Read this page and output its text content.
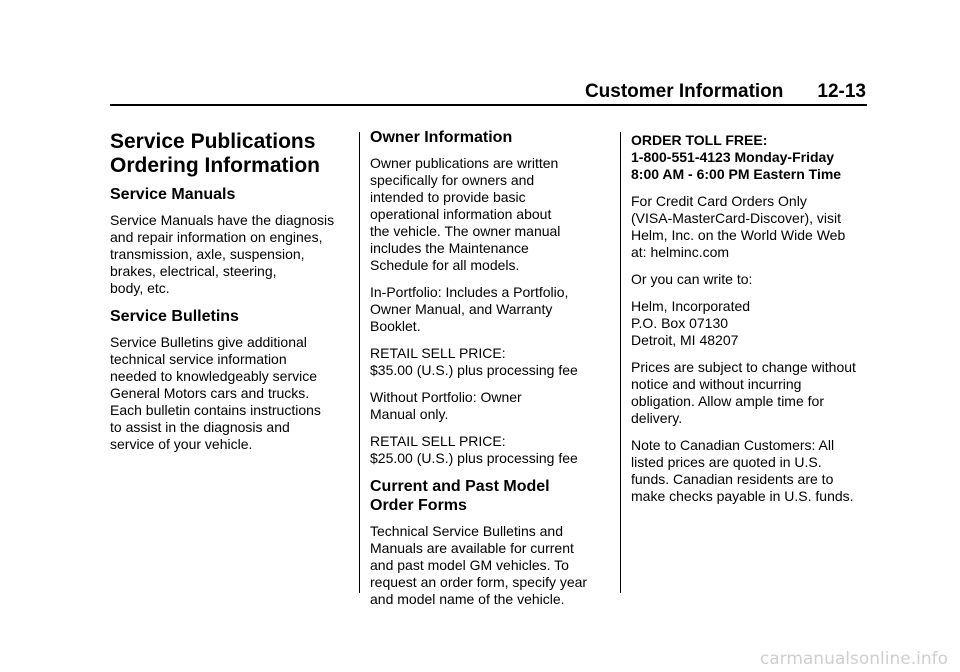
Customer Information 12-13
Service Publications
Ordering Information
Service Manuals

Service Manuals have the diagnosis
and repair information on engines,
transmission, axle, suspension,
brakes, electrical, steering,
body, etc.

Service Bulletins

Service Bulletins give additional
technical service information
needed to knowledgeably service
General Motors cars and trucks.
Each bulletin contains instructions
to assist in the diagnosis and
service of your vehicle.

Owner Information

Owner publications are written
specifically for owners and
intended to provide basic
operational information about
the vehicle. The owner manual
includes the Maintenance
Schedule for all models.

In-Portfolio: Includes a Portfolio,
Owner Manual, and Warranty
Booklet.

RETAIL SELL PRICE:
$35.00 (U.S.) plus processing fee

Without Portfolio: Owner
Manual only.

RETAIL SELL PRICE:
$25.00 (U.S.) plus processing fee

Current and Past Model
Order Forms

Technical Service Bulletins and
Manuals are available for current
and past model GM vehicles. To
request an order form, specify year
and model name of the vehicle.

ORDER TOLL FREE:
1-800-551-4123 Monday-Friday
8:00 AM - 6:00 PM Eastern Time

For Credit Card Orders Only
(VISA-MasterCard-Discover), visit
Helm, Inc. on the World Wide Web
at: helminc.com

Or you can write to:

Helm, Incorporated
P.O. Box 07130
Detroit, MI 48207

Prices are subject to change without
notice and without incurring
obligation. Allow ample time for
delivery.

Note to Canadian Customers: All
listed prices are quoted in U.S.
funds. Canadian residents are to
make checks payable in U.S. funds.

carmanualsonline.info
